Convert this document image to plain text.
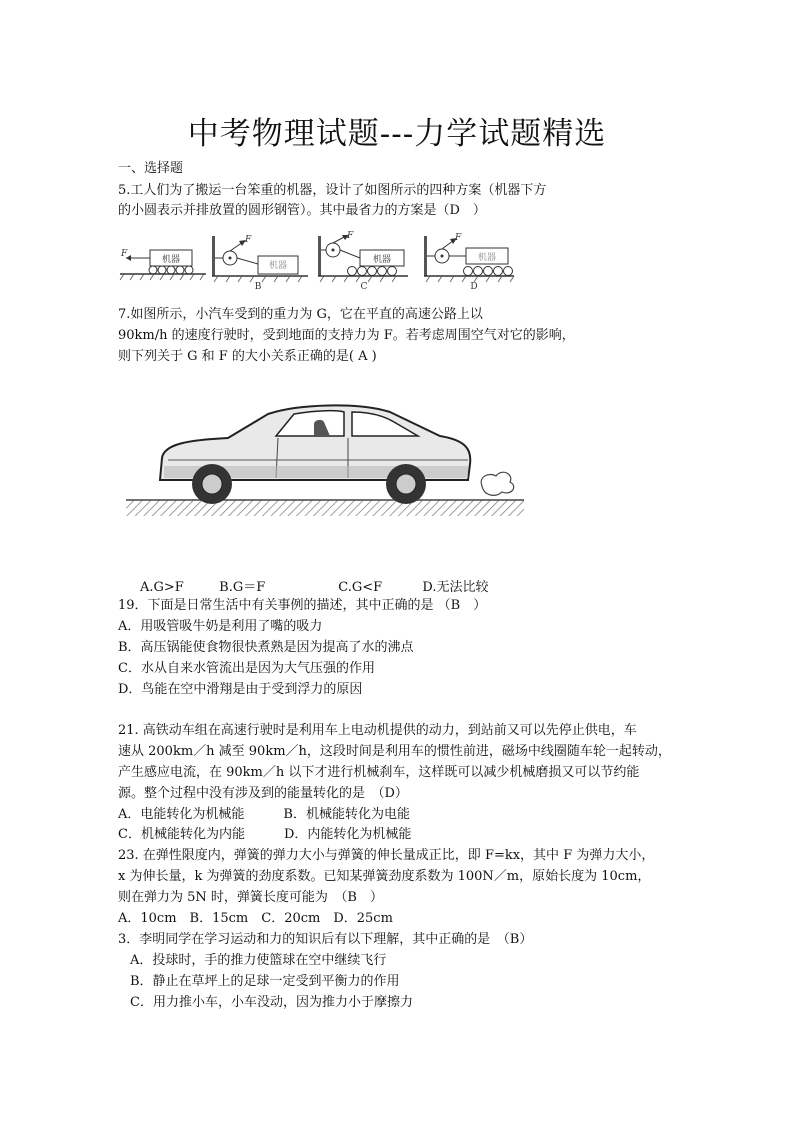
中考物理试题---力学试题精选
一、选择题
5.工人们为了搬运一台笨重的机器，设计了如图所示的四种方案（机器下方
的小圆表示并排放置的圆形钢管）。其中最省力的方案是（D　）
F
机器
F
机器
B
F
机器
C
F
机器
D
7.如图所示，小汽车受到的重力为 G，它在平直的高速公路上以
90km/h 的速度行驶时，受到地面的支持力为 F。若考虑周围空气对它的影响，
则下列关于 G 和 F 的大小关系正确的是( A )
A.G>F	B.G＝F	C.G<F	D.无法比较
19．下面是日常生活中有关事例的描述，其中正确的是 （B　）
A．用吸管吸牛奶是利用了嘴的吸力
B．高压锅能使食物很快煮熟是因为提高了水的沸点
C．水从自来水管流出是因为大气压强的作用
D．鸟能在空中滑翔是由于受到浮力的原因
21. 高铁动车组在高速行驶时是利用车上电动机提供的动力，到站前又可以先停止供电，车
速从 200km／h 减至 90km／h，这段时间是利用车的惯性前进，磁场中线圈随车轮一起转动，
产生感应电流，在 90km／h 以下才进行机械刹车，这样既可以减少机械磨损又可以节约能
源。整个过程中没有涉及到的能量转化的是　（D）
A．电能转化为机械能　　　B．机械能转化为电能
C．机械能转化为内能　　　D．内能转化为机械能
23. 在弹性限度内，弹簧的弹力大小与弹簧的伸长量成正比，即 F=kx，其中 F 为弹力大小，
x 为伸长量，k 为弹簧的劲度系数。已知某弹簧劲度系数为 100N／m，原始长度为 10cm，
则在弹力为 5N 时，弹簧长度可能为　（B　）
A．10cm　B．15cm　C．20cm　D．25cm
3．李明同学在学习运动和力的知识后有以下理解，其中正确的是　（B）
A．投球时，手的推力使篮球在空中继续飞行
B．静止在草坪上的足球一定受到平衡力的作用
C．用力推小车，小车没动，因为推力小于摩擦力
